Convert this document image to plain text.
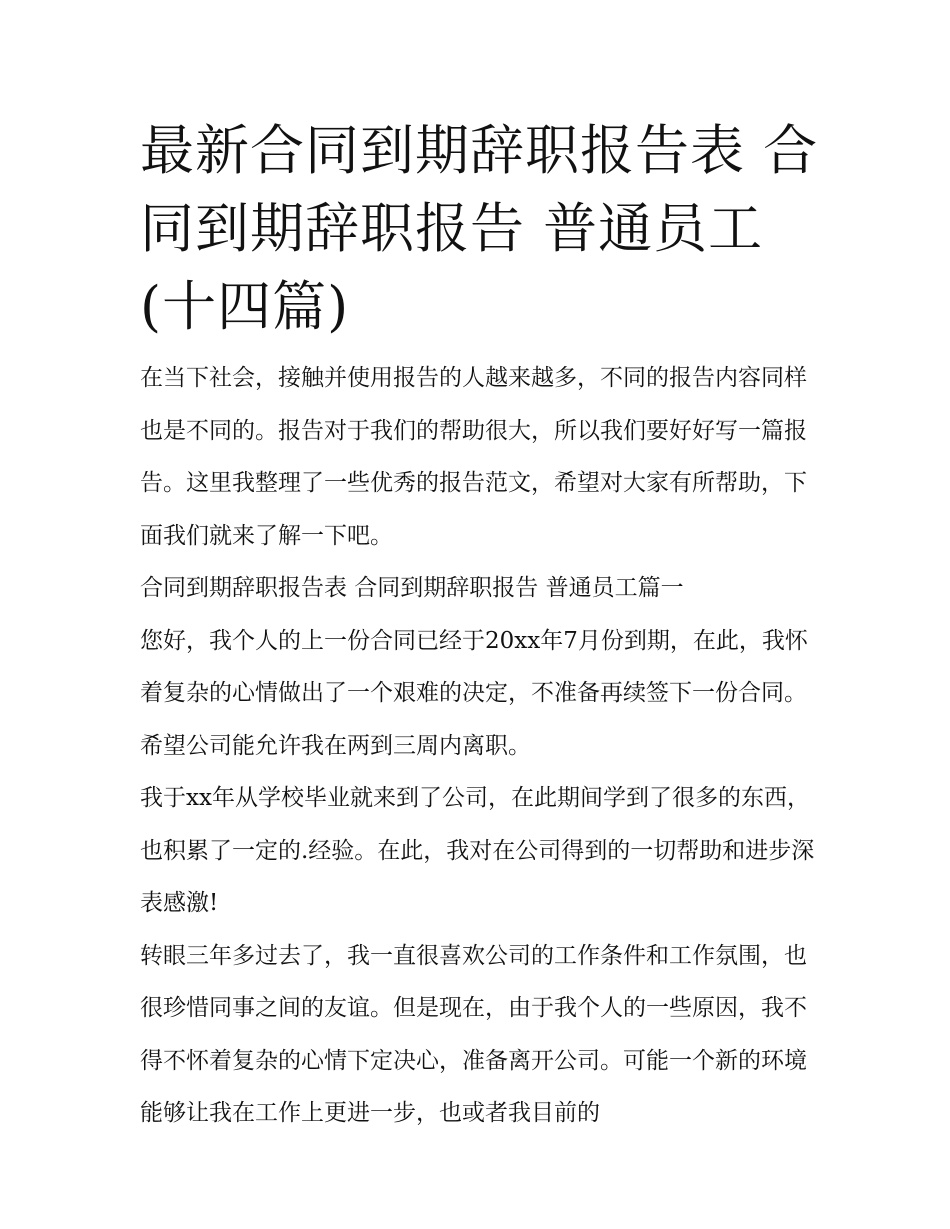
最新合同到期辞职报告表 合同到期辞职报告 普通员工(十四篇)

在当下社会，接触并使用报告的人越来越多，不同的报告内容同样也是不同的。报告对于我们的帮助很大，所以我们要好好写一篇报告。这里我整理了一些优秀的报告范文，希望对大家有所帮助，下面我们就来了解一下吧。

合同到期辞职报告表 合同到期辞职报告 普通员工篇一

您好，我个人的上一份合同已经于20xx年7月份到期，在此，我怀着复杂的心情做出了一个艰难的决定，不准备再续签下一份合同。希望公司能允许我在两到三周内离职。

我于xx年从学校毕业就来到了公司，在此期间学到了很多的东西，也积累了一定的.经验。在此，我对在公司得到的一切帮助和进步深表感激!

转眼三年多过去了，我一直很喜欢公司的工作条件和工作氛围，也很珍惜同事之间的友谊。但是现在，由于我个人的一些原因，我不得不怀着复杂的心情下定决心，准备离开公司。可能一个新的环境能够让我在工作上更进一步，也或者我目前的
